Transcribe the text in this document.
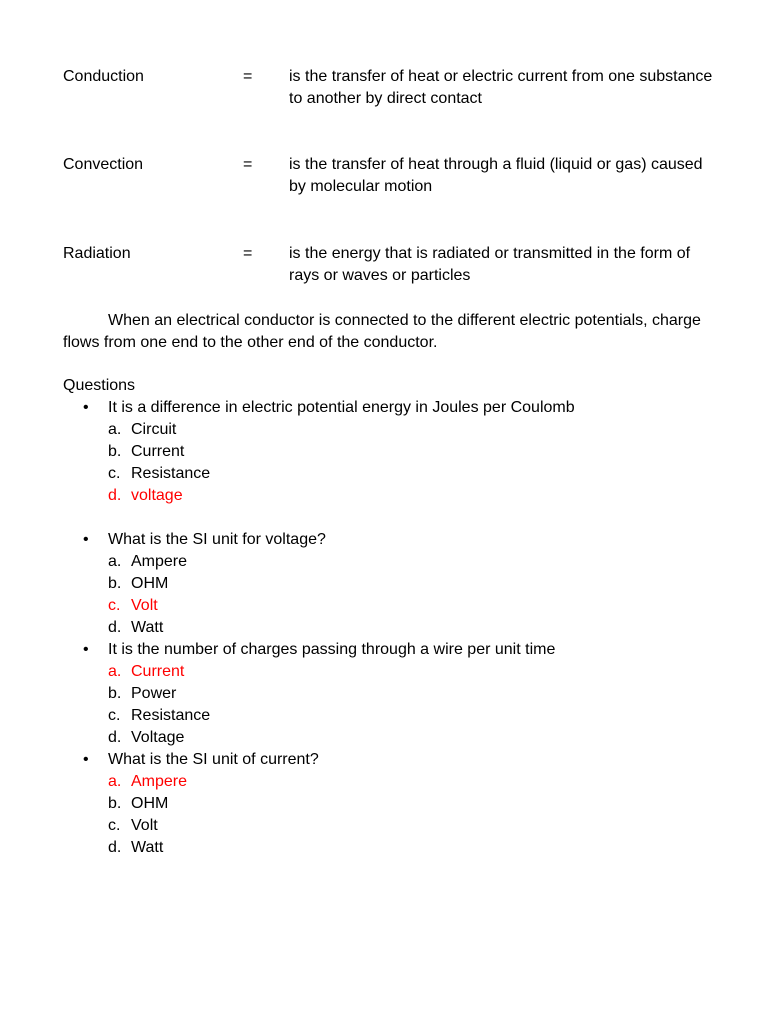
Conduction	= is the transfer of heat or electric current from one substance to another by direct contact
Convection	= is the transfer of heat through a fluid (liquid or gas) caused by molecular motion
Radiation	= is the energy that is radiated or transmitted in the form of rays or waves or particles

When an electrical conductor is connected to the different electric potentials, charge flows from one end to the other end of the conductor.

Questions
• It is a difference in electric potential energy in Joules per Coulomb
a. Circuit
b. Current
c. Resistance
d. voltage
• What is the SI unit for voltage?
a. Ampere
b. OHM
c. Volt
d. Watt
• It is the number of charges passing through a wire per unit time
a. Current
b. Power
c. Resistance
d. Voltage
• What is the SI unit of current?
a. Ampere
b. OHM
c. Volt
d. Watt
